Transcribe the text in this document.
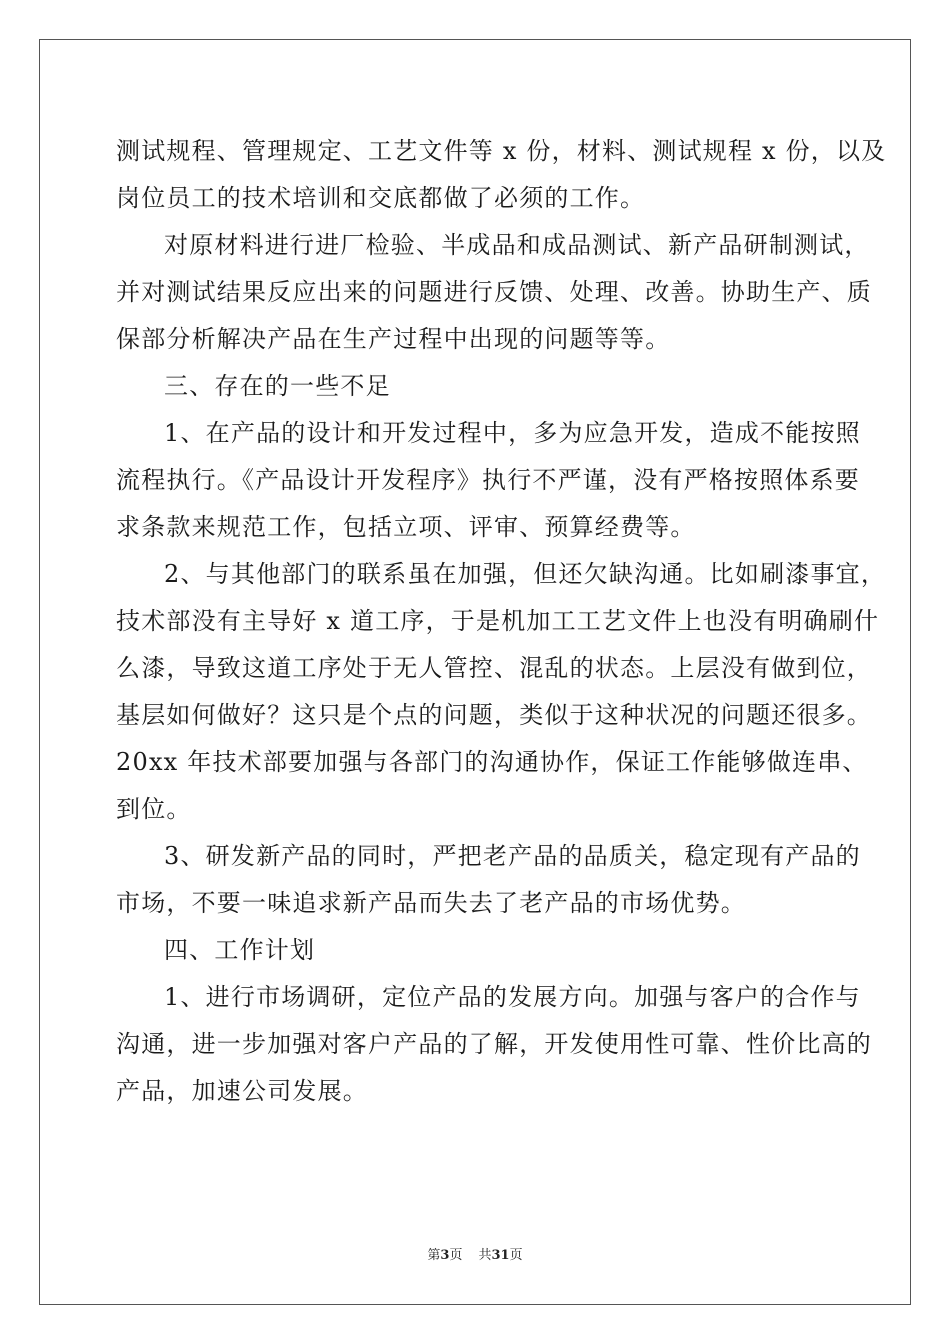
测试规程、管理规定、工艺文件等 x 份，材料、测试规程 x 份，以及
岗位员工的技术培训和交底都做了必须的工作。
对原材料进行进厂检验、半成品和成品测试、新产品研制测试，
并对测试结果反应出来的问题进行反馈、处理、改善。协助生产、质
保部分析解决产品在生产过程中出现的问题等等。
三、存在的一些不足
1、在产品的设计和开发过程中，多为应急开发，造成不能按照
流程执行。《产品设计开发程序》执行不严谨，没有严格按照体系要
求条款来规范工作，包括立项、评审、预算经费等。
2、与其他部门的联系虽在加强，但还欠缺沟通。比如刷漆事宜，
技术部没有主导好 x 道工序，于是机加工工艺文件上也没有明确刷什
么漆，导致这道工序处于无人管控、混乱的状态。上层没有做到位，
基层如何做好？这只是个点的问题，类似于这种状况的问题还很多。
20xx 年技术部要加强与各部门的沟通协作，保证工作能够做连串、
到位。
3、研发新产品的同时，严把老产品的品质关，稳定现有产品的
市场，不要一味追求新产品而失去了老产品的市场优势。
四、工作计划
1、进行市场调研，定位产品的发展方向。加强与客户的合作与
沟通，进一步加强对客户产品的了解，开发使用性可靠、性价比高的
产品，加速公司发展。
第3页 共31页
